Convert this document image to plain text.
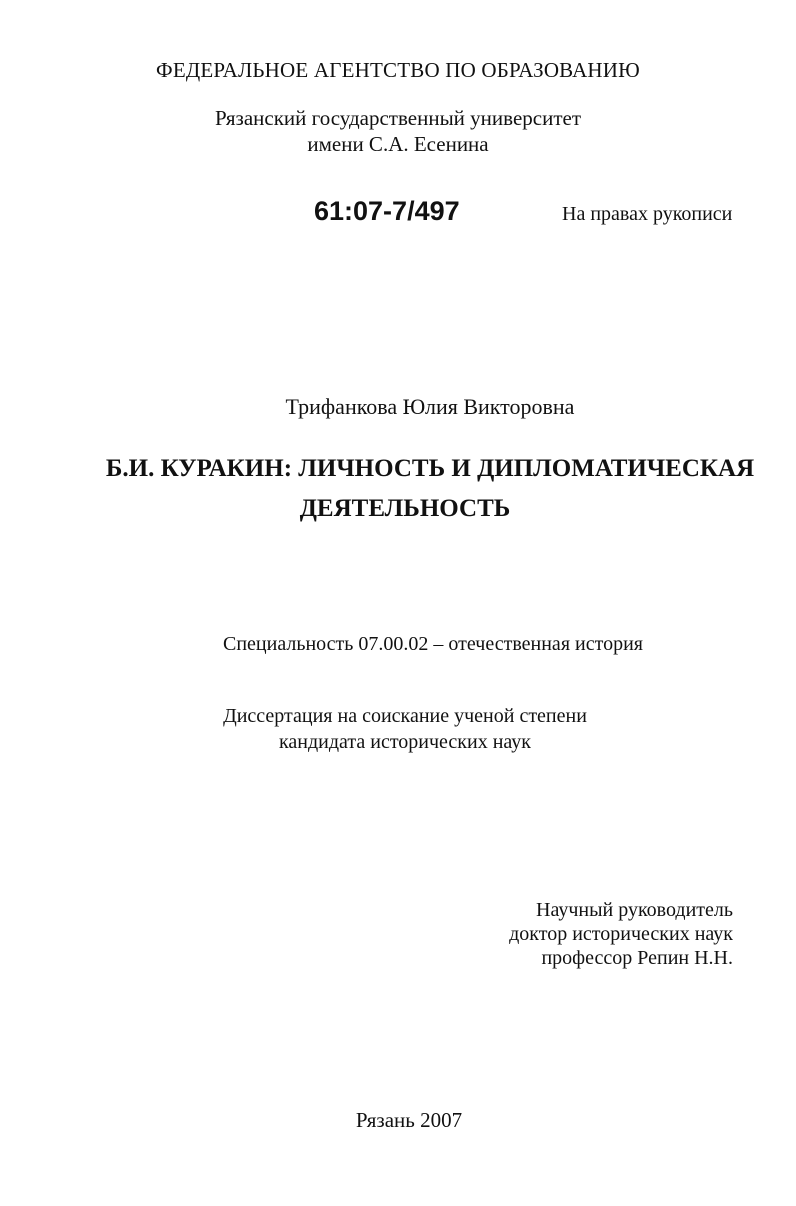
ФЕДЕРАЛЬНОЕ АГЕНТСТВО ПО ОБРАЗОВАНИЮ
Рязанский государственный университет
имени С.А. Есенина
61:07-7/497	На правах рукописи
Трифанкова Юлия Викторовна
Б.И. КУРАКИН: ЛИЧНОСТЬ И ДИПЛОМАТИЧЕСКАЯ
ДЕЯТЕЛЬНОСТЬ
Специальность 07.00.02 – отечественная история
Диссертация на соискание ученой степени
кандидата исторических наук
Научный руководитель
доктор исторических наук
профессор Репин Н.Н.
Рязань 2007
